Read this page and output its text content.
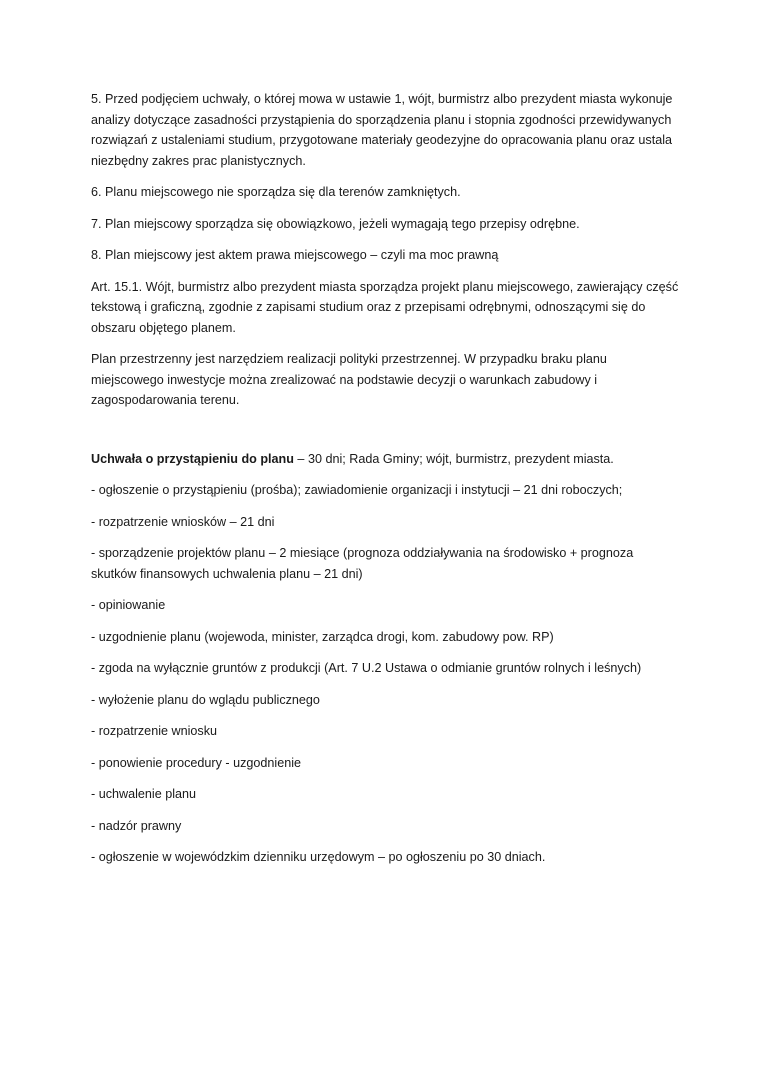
5. Przed podjęciem uchwały, o której mowa w ustawie 1, wójt, burmistrz albo prezydent miasta wykonuje analizy dotyczące zasadności przystąpienia do sporządzenia planu i stopnia zgodności przewidywanych rozwiązań z ustaleniami studium, przygotowane materiały geodezyjne do opracowania planu oraz ustala niezbędny zakres prac planistycznych.

6. Planu miejscowego nie sporządza się dla terenów zamkniętych.

7. Plan miejscowy sporządza się obowiązkowo, jeżeli wymagają tego przepisy odrębne.

8. Plan miejscowy jest aktem prawa miejscowego – czyli ma moc prawną

Art. 15.1. Wójt, burmistrz albo prezydent miasta sporządza projekt planu miejscowego, zawierający część tekstową i graficzną, zgodnie z zapisami studium oraz z przepisami odrębnymi, odnoszącymi się do obszaru objętego planem.

Plan przestrzenny jest narzędziem realizacji polityki przestrzennej. W przypadku braku planu miejscowego inwestycje można zrealizować na podstawie decyzji o warunkach zabudowy i zagospodarowania terenu.

Uchwała o przystąpieniu do planu – 30 dni; Rada Gminy; wójt, burmistrz, prezydent miasta.

- ogłoszenie o przystąpieniu (prośba); zawiadomienie organizacji i instytucji – 21 dni roboczych;

- rozpatrzenie wniosków – 21 dni

- sporządzenie projektów planu – 2 miesiące (prognoza oddziaływania na środowisko + prognoza skutków finansowych uchwalenia planu – 21 dni)

- opiniowanie

- uzgodnienie planu (wojewoda, minister, zarządca drogi, kom. zabudowy pow. RP)

- zgoda na wyłącznie gruntów z produkcji (Art. 7 U.2 Ustawa o odmianie gruntów rolnych i leśnych)

- wyłożenie planu do wglądu publicznego

- rozpatrzenie wniosku

- ponowienie procedury - uzgodnienie

- uchwalenie planu

- nadzór prawny

- ogłoszenie w wojewódzkim dzienniku urzędowym – po ogłoszeniu po 30 dniach.
